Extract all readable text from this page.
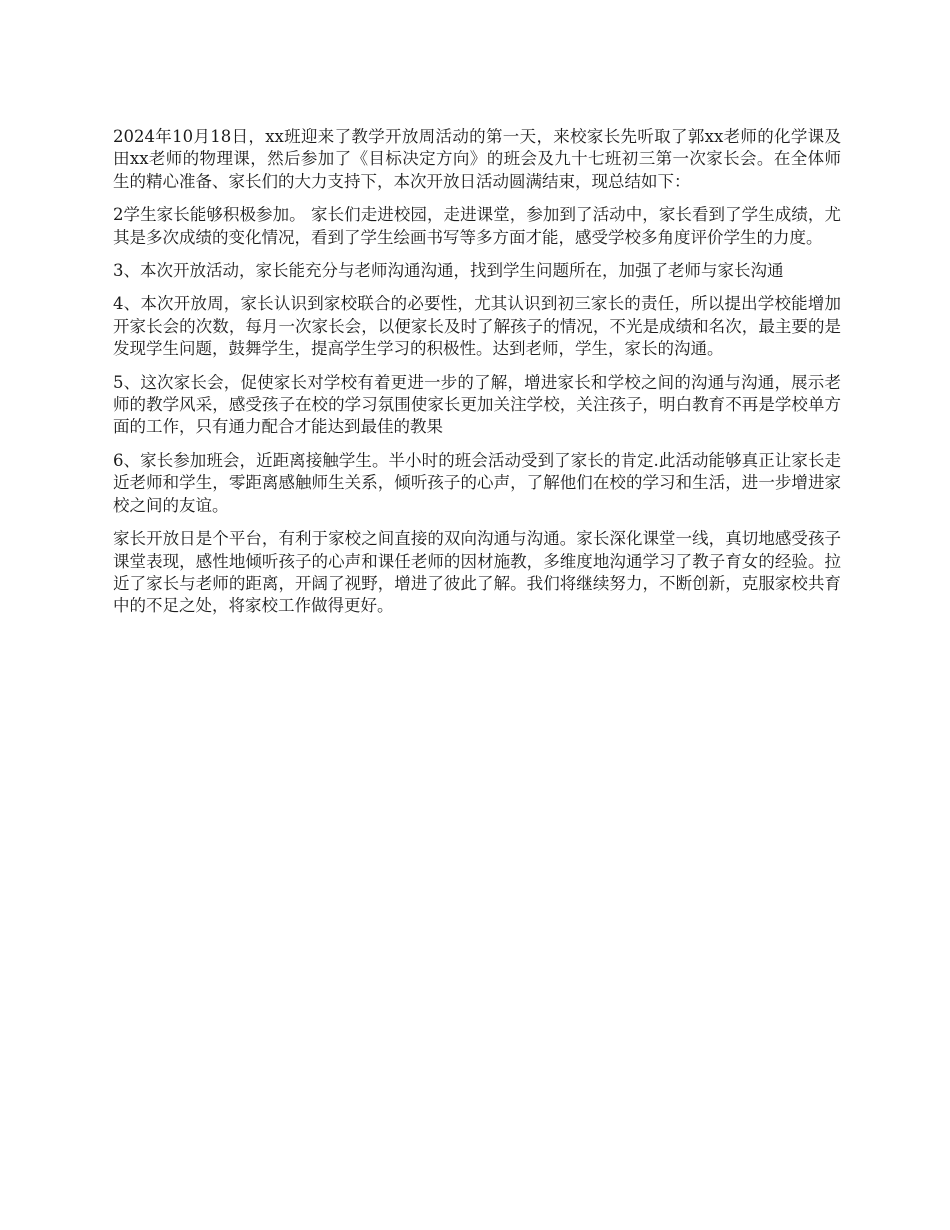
2024年10月18日，xx班迎来了教学开放周活动的第一天，来校家长先听取了郭xx老师的化学课及田xx老师的物理课，然后参加了《目标决定方向》的班会及九十七班初三第一次家长会。在全体师生的精心准备、家长们的大力支持下，本次开放日活动圆满结束，现总结如下：

2学生家长能够积极参加。 家长们走进校园，走进课堂，参加到了活动中，家长看到了学生成绩，尤其是多次成绩的变化情况，看到了学生绘画书写等多方面才能，感受学校多角度评价学生的力度。

3、本次开放活动，家长能充分与老师沟通沟通，找到学生问题所在，加强了老师与家长沟通

4、本次开放周，家长认识到家校联合的必要性，尤其认识到初三家长的责任，所以提出学校能增加开家长会的次数，每月一次家长会，以便家长及时了解孩子的情况，不光是成绩和名次，最主要的是发现学生问题，鼓舞学生，提高学生学习的积极性。达到老师，学生，家长的沟通。

5、这次家长会，促使家长对学校有着更进一步的了解，增进家长和学校之间的沟通与沟通，展示老师的教学风采，感受孩子在校的学习氛围使家长更加关注学校，关注孩子，明白教育不再是学校单方面的工作，只有通力配合才能达到最佳的教果

6、家长参加班会，近距离接触学生。半小时的班会活动受到了家长的肯定.此活动能够真正让家长走近老师和学生，零距离感触师生关系，倾听孩子的心声，了解他们在校的学习和生活，进一步增进家校之间的友谊。

家长开放日是个平台，有利于家校之间直接的双向沟通与沟通。家长深化课堂一线，真切地感受孩子课堂表现，感性地倾听孩子的心声和课任老师的因材施教，多维度地沟通学习了教子育女的经验。拉近了家长与老师的距离，开阔了视野，增进了彼此了解。我们将继续努力，不断创新，克服家校共育中的不足之处，将家校工作做得更好。
